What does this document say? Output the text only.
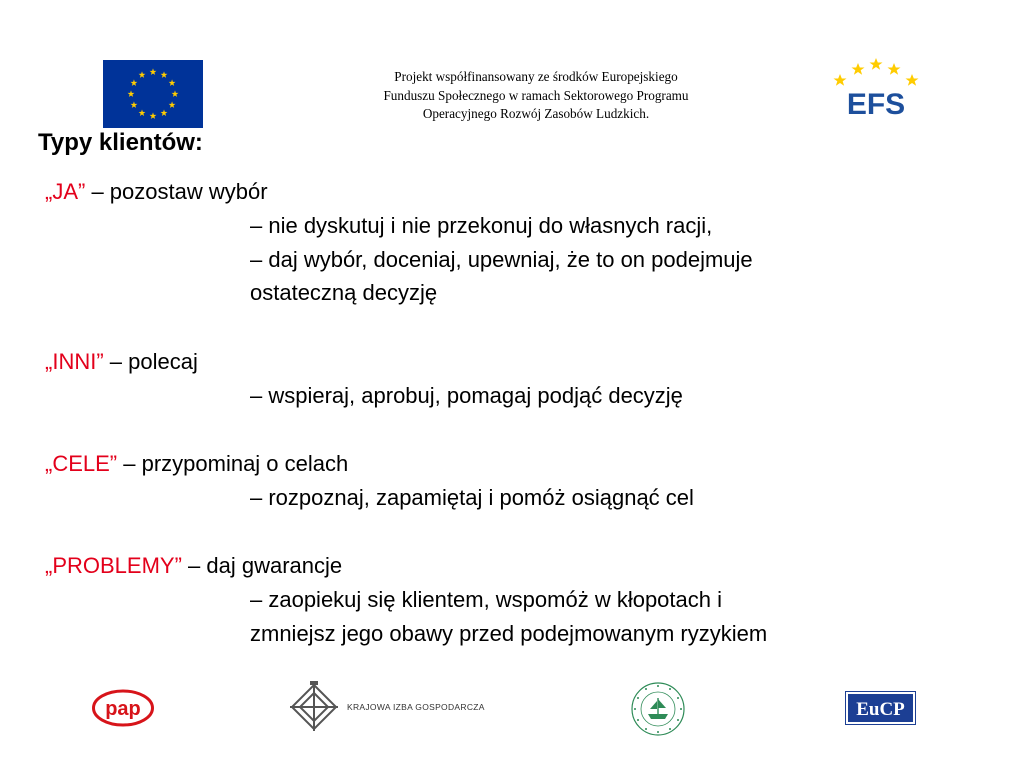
Projekt współfinansowany ze środków Europejskiego
Funduszu Społecznego w ramach Sektorowego Programu
Operacyjnego Rozwój Zasobów Ludzkich.	EFS
Typy klientów:
„JA” – pozostaw wybór
– nie dyskutuj i nie przekonuj do własnych racji,
– daj wybór, doceniaj, upewniaj, że to on podejmuje
ostateczną decyzję
„INNI” – polecaj
– wspieraj, aprobuj, pomagaj podjąć decyzję
„CELE” – przypominaj o celach
– rozpoznaj, zapamiętaj i pomóż osiągnąć cel
„PROBLEMY” – daj gwarancje
– zaopiekuj się klientem, wspomóż w kłopotach i
zmniejsz jego obawy przed podejmowanym ryzykiem
pap	KRAJOWA IZBA GOSPODARCZA	EuCP
